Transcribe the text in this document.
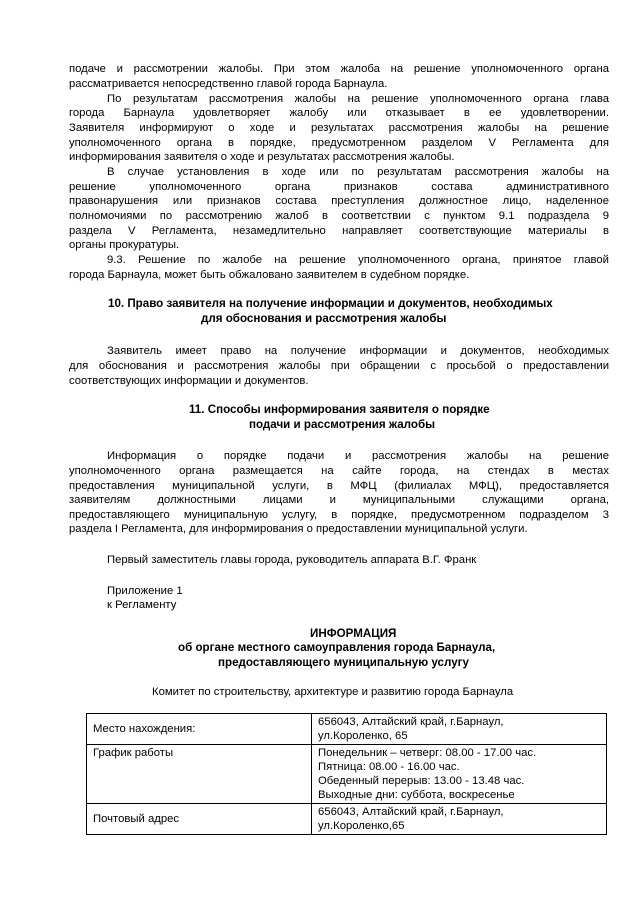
подаче и рассмотрении жалобы. При этом жалоба на решение уполномоченного органа
рассматривается непосредственно главой города Барнаула.
По результатам рассмотрения жалобы на решение уполномоченного органа глава
города Барнаула удовлетворяет жалобу или отказывает в ее удовлетворении.
Заявителя информируют о ходе и результатах рассмотрения жалобы на решение
уполномоченного органа в порядке, предусмотренном разделом V Регламента для
информирования заявителя о ходе и результатах рассмотрения жалобы.
В случае установления в ходе или по результатам рассмотрения жалобы на
решение уполномоченного органа признаков состава административного
правонарушения или признаков состава преступления должностное лицо, наделенное
полномочиями по рассмотрению жалоб в соответствии с пунктом 9.1 подраздела 9
раздела V Регламента, незамедлительно направляет соответствующие материалы в
органы прокуратуры.
9.3. Решение по жалобе на решение уполномоченного органа, принятое главой
города Барнаула, может быть обжаловано заявителем в судебном порядке.
10. Право заявителя на получение информации и документов, необходимых
для обоснования и рассмотрения жалобы
Заявитель имеет право на получение информации и документов, необходимых
для обоснования и рассмотрения жалобы при обращении с просьбой о предоставлении
соответствующих информации и документов.
11. Способы информирования заявителя о порядке
подачи и рассмотрения жалобы
Информация о порядке подачи и рассмотрения жалобы на решение
уполномоченного органа размещается на сайте города, на стендах в местах
предоставления муниципальной услуги, в МФЦ (филиалах МФЦ), предоставляется
заявителям должностными лицами и муниципальными служащими органа,
предоставляющего муниципальную услугу, в порядке, предусмотренном подразделом 3
раздела I Регламента, для информирования о предоставлении муниципальной услуги.
Первый заместитель главы города, руководитель аппарата В.Г. Франк
Приложение 1
к Регламенту
ИНФОРМАЦИЯ
об органе местного самоуправления города Барнаула,
предоставляющего муниципальную услугу
Комитет по строительству, архитектуре и развитию города Барнаула
Место нахождения:	656043, Алтайский край, г.Барнаул,
ул.Короленко, 65

График работы	Понедельник – четверг: 08.00 - 17.00 час.
Пятница: 08.00 - 16.00 час.
Обеденный перерыв: 13.00 - 13.48 час.
Выходные дни: суббота, воскресенье

Почтовый адрес	656043, Алтайский край, г.Барнаул,
ул.Короленко,65
